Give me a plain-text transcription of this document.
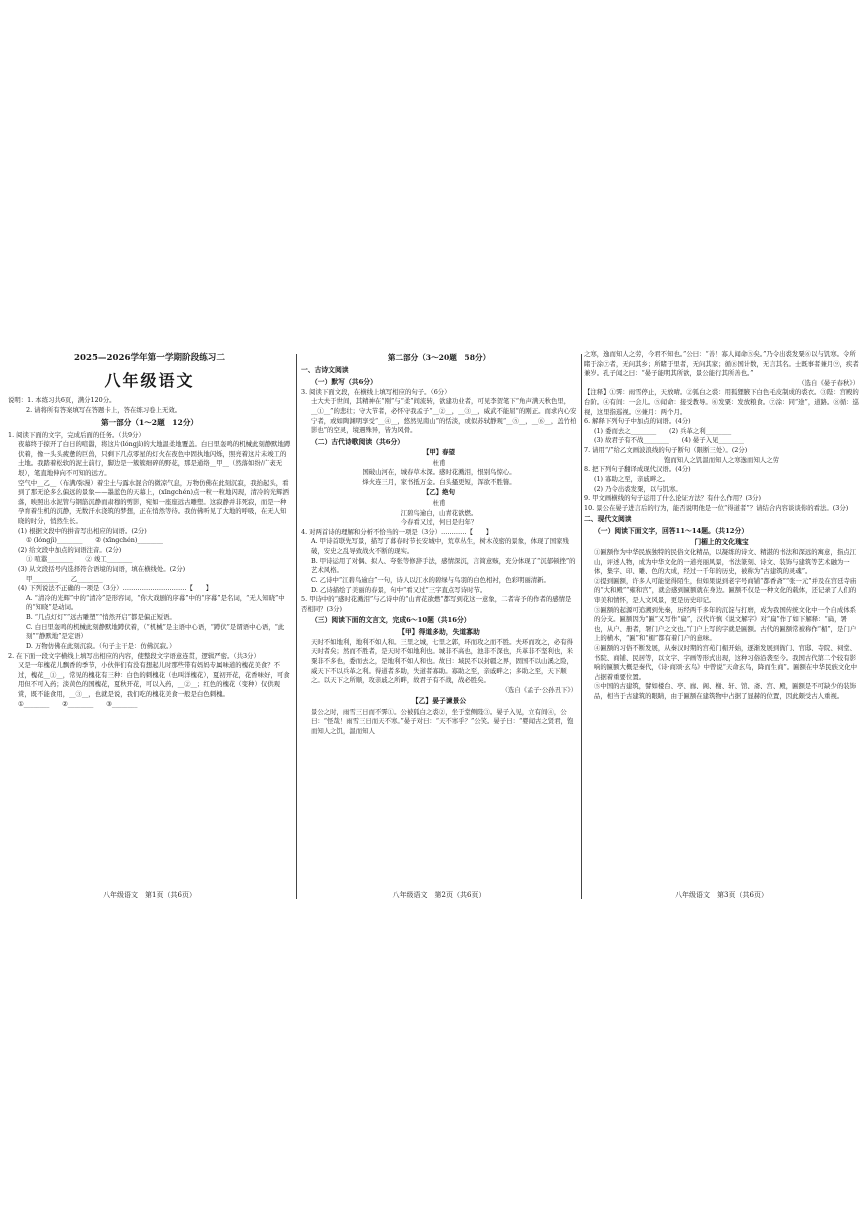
2025—2026学年第一学期阶段练习二
八年级语文

说明：1. 本练习共6页，满分120分。

2. 请将所有答案填写在答题卡上，答在练习卷上无效。

第一部分（1～2题　12分）

1. 阅读下面的文字，完成后面的任务。（共9分）

夜幕终于掠开了白日的喧嚣，将这片(lóngjì)的大地温柔地覆盖。白日里轰鸣的机械此刻静默地蹲伏着，像一头头疲惫的巨兽，只剩下几点零星的灯火在夜色中固执地闪烁，照亮着这片未竣工的土地。我踏着松软的泥土前行，脚边是一簇簇细碎的野花，那是通络__甲__（然落如纷/广袤无垠），笔直地伸向不可知的远方。

空气中__乙__（布满/弥漫）着尘土与露水混合的微凉气息，万物仿佛在此刻沉寂，我抬起头，看到了那无论多么偏远的景象——墨蓝色的天幕上，(xīngchén)点一粒一粒地闪现，清冷的光辉洒落，映照出水泥管与钢筋沉静而肃穆的剪影，宛如一座座远古雕塑。这寂静并非死寂，而是一种孕育着生机的沉静，无数汗水浇筑的梦想，正在悄然等待。我仿佛听见了大地的呼吸，在无人知晓的时分，悄然生长。

(1) 根据文段中的拼音写出相应的词语。(2分)

① (lóngjì)________　　② (xīngchén)________

(2) 给文段中加点的词语注音。(2分)

① 喧嚣________　　② 竣工________

(3) 从文段括号内选择符合语境的词语，填在横线处。(2分)

甲________　　乙________

(4) 下列说法不正确的一项是（3分）…………………………【　　】

A. “清冷的光辉”中的“清冷”是形容词，“你大戏剧的序幕”中的“序幕”是名词，“无人知晓”中的“知晓”是动词。

B. “几点灯灯”“远古雕塑”“悄然开启”都是偏正短语。

C. 白日里轰鸣的机械此刻静默地蹲伏着，（“机械”是主语中心语，“蹲伏”是谓语中心语，“此刻”“静默地”是定语）

D. 万物仿佛在此刻沉寂。（句子主干是：仿佛沉寂。）

2. 在下面一段文字横线上填写出相应的内容，使整段文字语意连贯，逻辑严密。（共3分）

又是一年槐花儿飘香的季节，小伙伴们有没有想起儿时那些带有妈妈专属味道的槐花美食？不过，槐花__①__，常见的槐花有三种：白色的刺槐花（也叫洋槐花），夏初开花，花香味好，可食用但不可入药；淡黄色的国槐花，夏秋开花，可以入药，__②__；红色的槐花（变种）仅供观赏，既不能食用，__③__，也就是说，我们吃的槐花美食一般是白色刺槐。

①________　　②________　　③________

八年级语文　第1页（共6页）
第二部分（3～20题　58分）

一、古诗文阅读

（一）默写（共6分）

3. 阅读下面文段，在横线上填写相应的句子。（6分）

士大夫于世间，其精神在“刚”与“柔”间流转，欲建功业者，可见李贺笔下“角声满天秋色里，__①__”的悲壮；守大节者，必怀守我孟子“__②__，__③__，威武不能屈”的刚正。而求内心安宁者，或如陶渊明享受“__④__，悠然见南山”的恬淡，或似苏轼静观“__⑤__，__⑥__，盖竹柏影也”的空灵，境遇殊异，皆为风骨。

（二）古代诗歌阅读（共6分）

【甲】春望

杜甫

国破山河在，城春草木深。感时花溅泪，恨别鸟惊心。

烽火连三月，家书抵万金。白头搔更短，浑欲不胜簪。

【乙】绝句

杜甫

江碧鸟逾白，山青花欲燃。

今春看又过，何日是归年？

4. 对两首诗的理解和分析不恰当的一项是（3分）…………【　　】

A. 甲诗首联先写景，描写了暮春时节长安城中，荒草丛生，树木茂密的景象，体现了国家残破，安史之乱导致战火不断的现实。

B. 甲诗运用了对偶、拟人、夸张等修辞手法，感情深沉，言简意赅，充分体现了“沉郁顿挫”的艺术风格。

C. 乙诗中“江碧鸟逾白”一句，诗人以江水的碧绿与鸟羽的白色相衬，色彩明丽清新。

D. 乙诗描绘了美丽的春景，句中“看又过”三字直点写诗时节。

5. 甲诗中的“感时花溅泪”与乙诗中的“山青花欲燃”都写到花这一意象，二者寄予的作者的感情是否相同？(3分)

（三）阅读下面的文言文，完成6～10题（共16分）

【甲】得道多助，失道寡助

天时不如地利，地利不如人和。三里之城，七里之郭，环而攻之而不胜。夫环而攻之，必有得天时者矣；然而不胜者，是天时不如地利也。城非不高也，池非不深也，兵革非不坚利也，米粟非不多也，委而去之，是地利不如人和也。故曰：域民不以封疆之界，固国不以山溪之险，威天下不以兵革之利。得道者多助，失道者寡助。寡助之至，亲戚畔之；多助之至，天下顺之。以天下之所顺，攻亲戚之所畔，故君子有不战，战必胜矣。

（选自《孟子·公孙丑下》）

【乙】晏子谏景公

景公之时，雨雪三日而不霁①。公被狐白之裘②，坐于堂侧陛③。晏子入见，立有间④，公曰：“怪哉！雨雪三日而天不寒。”晏子对曰：“天不寒乎？”公笑。晏子曰：“婴闻古之贤君，饱而知人之饥，温而知人

八年级语文　第2页（共6页）

之寒，逸而知人之劳，今君不知也。”公曰：“善！寡人闻命⑤矣。”乃令出裘发粟⑥以与饥寒。令所睹于涂⑦者，无问其乡；所睹于里者，无问其家；循⑧国计数，无言其名。士既事者兼月⑨，疾者兼岁。孔子闻之曰：“晏子能明其所欲，景公能行其所善也。”

（选自《晏子春秋》）

【注释】①霁：雨雪停止，天放晴。②狐白之裘：用狐狸腋下白色毛皮制成的裘衣。③陛：宫殿的台阶。④有间：一会儿。⑤闻命：接受教导。⑥发粟：发放粮食。⑦涂：同“途”，道路。⑧循：巡视，这里指巡视。⑨兼月：两个月。

6. 解释下列句子中加点的词语。(4分)

(1) 委而去之________　　(2) 兵革之利________

(3) 故君子有不战________　　(4) 晏子入见________

7. 请用“/”给乙文画波浪线的句子断句（限断三处）。(2分)

饱而知人之饥温而知人之寒逸而知人之劳

8. 把下列句子翻译成现代汉语。(4分)

(1) 寡助之至，亲戚畔之。

(2) 乃令出裘发粟，以与饥寒。

9. 甲文画横线的句子运用了什么论证方法？有什么作用？(3分)

10. 景公在晏子进言后的行为，能否说明他是一位“得道者”？请结合内容谈谈你的看法。(3分)

二、现代文阅读

（一）阅读下面文字，回答11～14题。（共12分）

门楣上的文化瑰宝

①匾额作为中华民族独特的民俗文化精品，以凝练的诗文、精湛的书法和深远的寓意，指点江山，评述人物，成为中华文化的一道亮丽风景，书法篆刻、诗文、装饰与建筑等艺术融为一体，集字、印、雕、色的大成，经过一千年的历史，被称为“古建筑的灵魂”。

②提到匾额，许多人可能觉得陌生，但如果说到老字号商铺“都香斋”“张一元”并及在宫廷寺庙的“大和殿”“雍和宫”，就会感到匾额就在身边。匾额不仅是一种文化的载体，还记录了人们的审美和情怀，是人文风景，更是历史印记。

③匾额的起源可追溯到先秦，历经两千多年的沉淀与打磨，成为我国传统文化中一个自成体系的分支。匾额因为“匾”又写作“扁”，汉代许慎《说文解字》对“扁”作了如下解释：“扁，署也，从户、册者，署门户之文也。”门户上写的字就是匾额。古代的匾额常被称作“楣”，是门户上的横木，“匾”和“楣”都有着门户的意味。

④匾额的习俗不断发展，从秦汉时期的宫苑门楣开始，逐渐发展到衙门、官邸、寺院、祠堂、书院、商铺、民居等，以文字、字画等形式出现，这种习俗沿袭至今。我国古代第二个较有影响的匾额大概是秦代，《诗·商颂·玄鸟》中曾说“天命玄鸟，降而生商”。匾额在中华民族文化中占据着重要位置。

⑤中国的古建筑，譬如楼台、亭、廊、阁、榭、轩、馆、斋、宫、殿，匾额是不可缺少的装饰品，相当于古建筑的眼睛，由于匾额在建筑物中占据了显赫的位置，因此颇受古人重视。

八年级语文　第3页（共6页）
